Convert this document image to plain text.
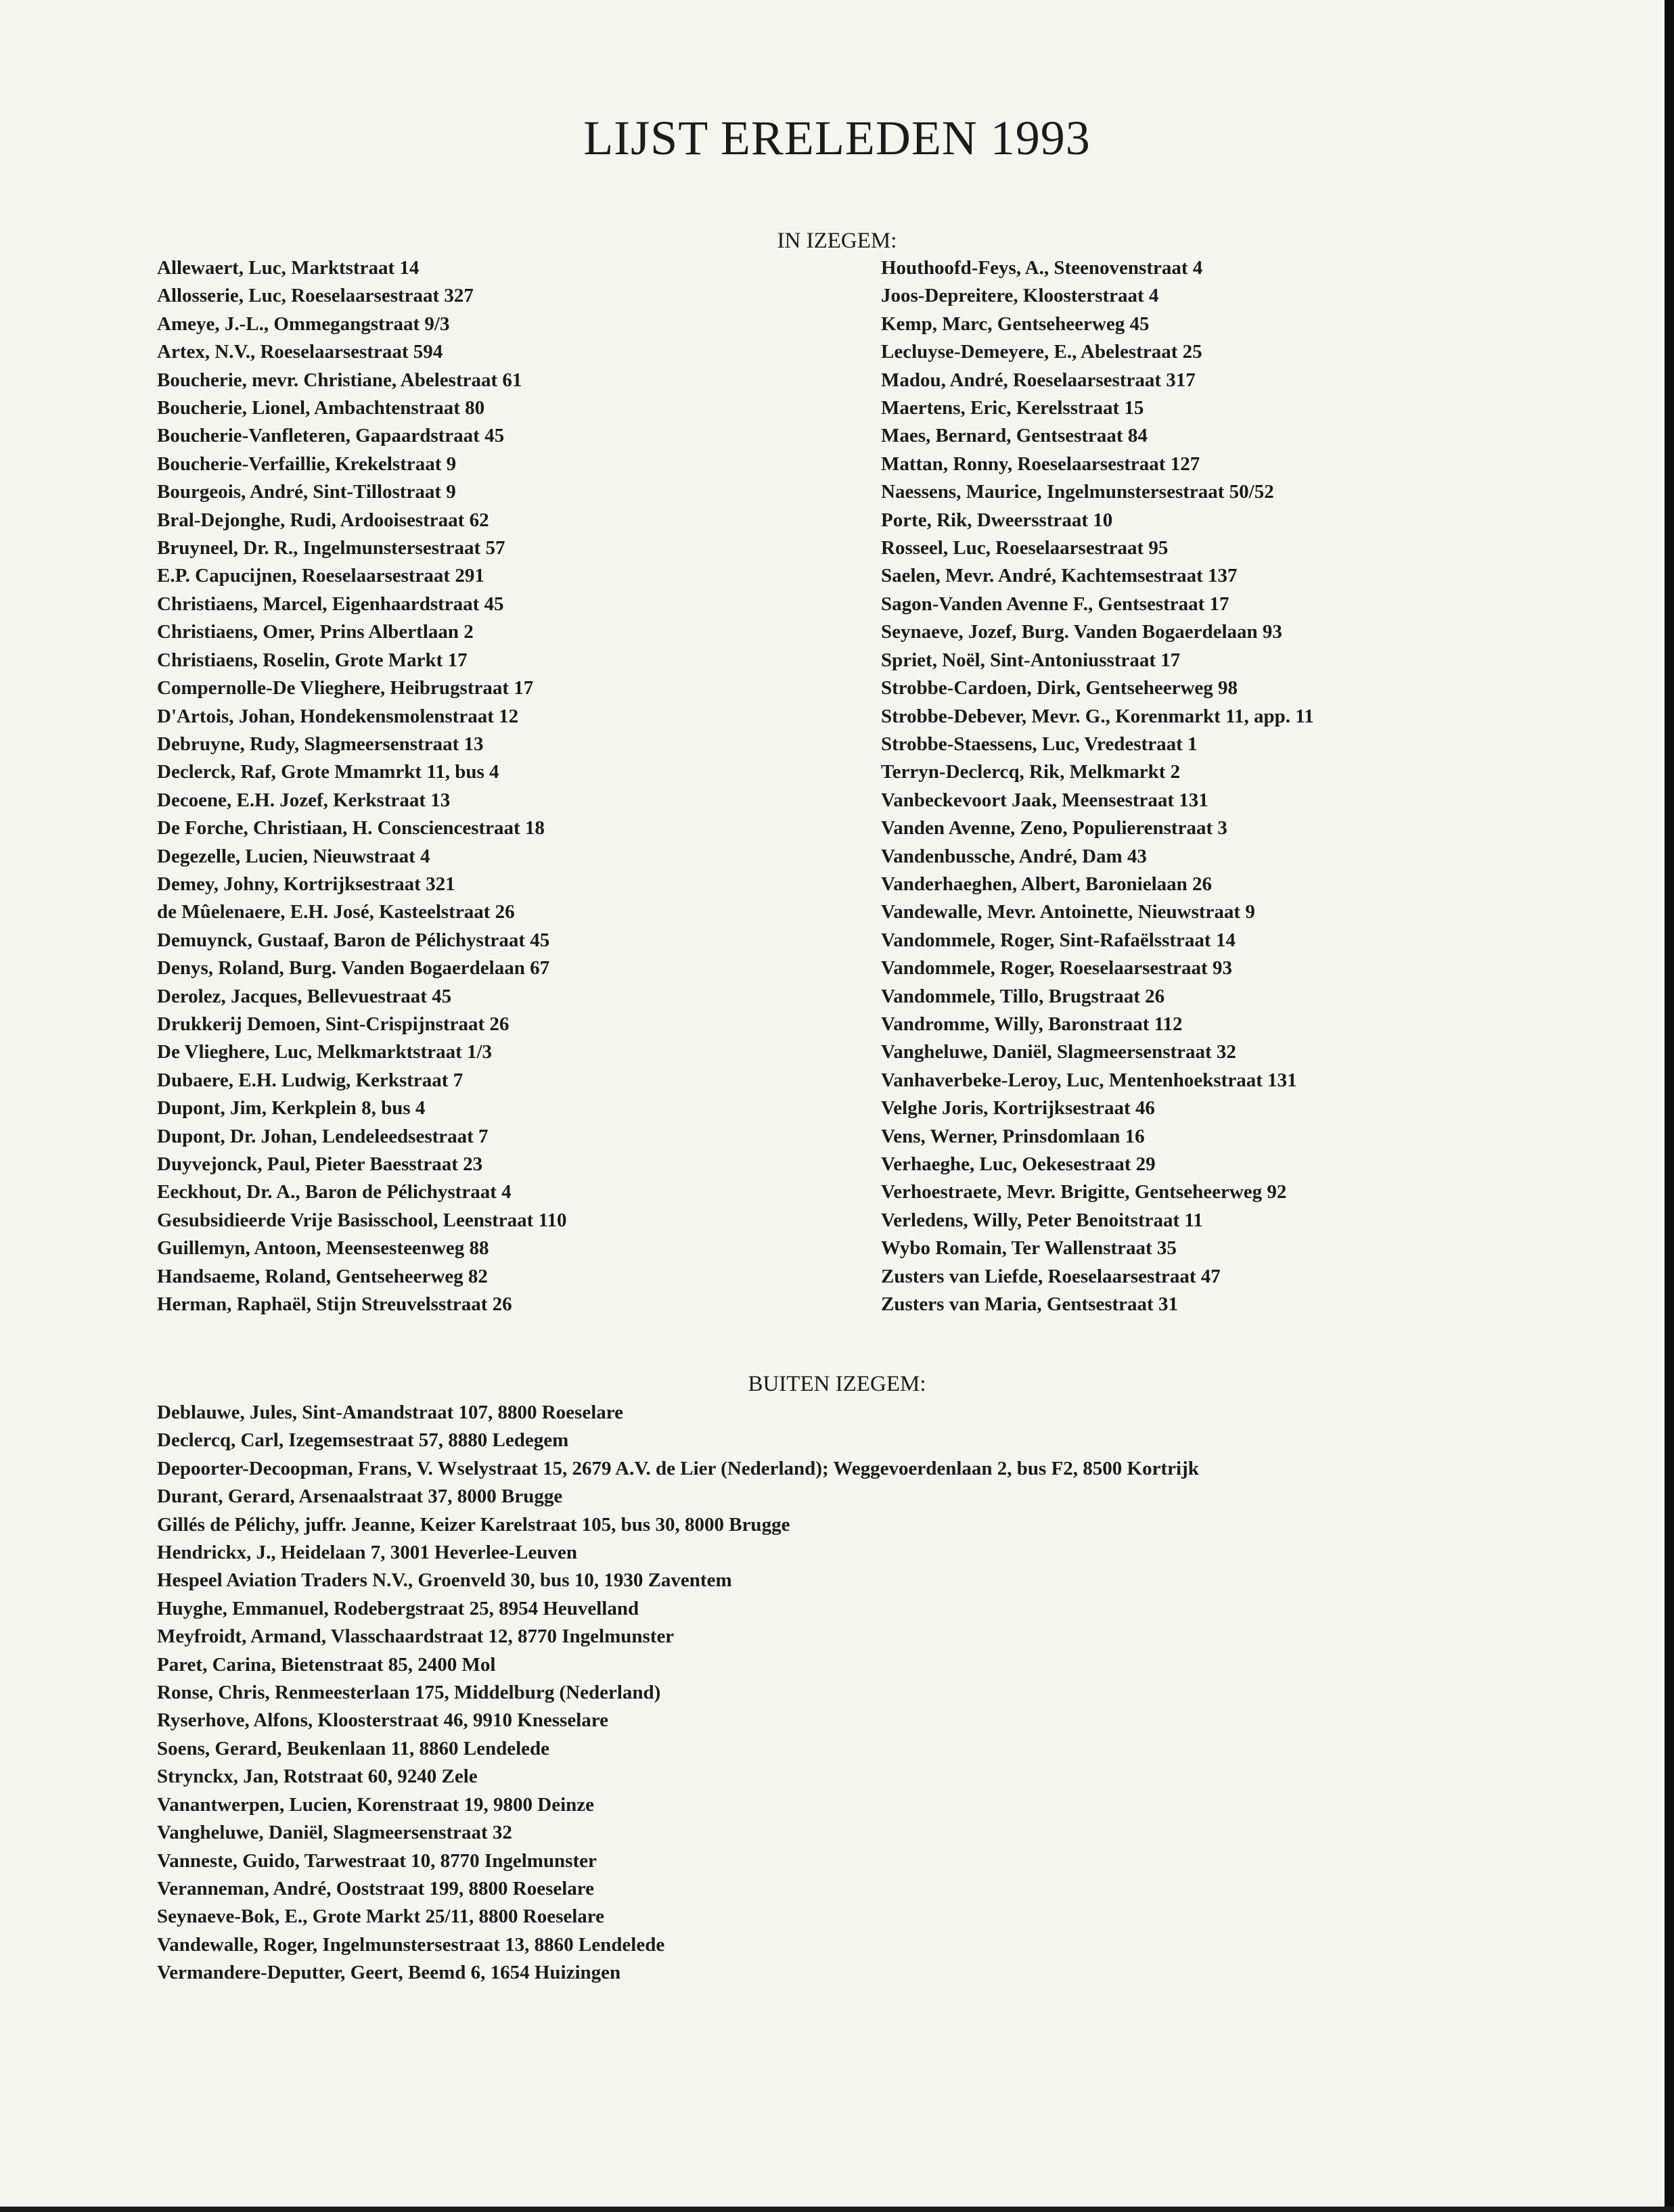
LIJST ERELEDEN 1993
IN IZEGEM:
Allewaert, Luc, Marktstraat 14
Allosserie, Luc, Roeselaarsestraat 327
Ameye, J.-L., Ommegangstraat 9/3
Artex, N.V., Roeselaarsestraat 594
Boucherie, mevr. Christiane, Abelestraat 61
Boucherie, Lionel, Ambachtenstraat 80
Boucherie-Vanfleteren, Gapaardstraat 45
Boucherie-Verfaillie, Krekelstraat 9
Bourgeois, André, Sint-Tillostraat 9
Bral-Dejonghe, Rudi, Ardooisestraat 62
Bruyneel, Dr. R., Ingelmunstersestraat 57
E.P. Capucijnen, Roeselaarsestraat 291
Christiaens, Marcel, Eigenhaardstraat 45
Christiaens, Omer, Prins Albertlaan 2
Christiaens, Roselin, Grote Markt 17
Compernolle-De Vlieghere, Heibrugstraat 17
D'Artois, Johan, Hondekensmolenstraat 12
Debruyne, Rudy, Slagmeersenstraat 13
Declerck, Raf, Grote Mmamrkt 11, bus 4
Decoene, E.H. Jozef, Kerkstraat 13
De Forche, Christiaan, H. Consciencestraat 18
Degezelle, Lucien, Nieuwstraat 4
Demey, Johny, Kortrijksestraat 321
de Mûelenaere, E.H. José, Kasteelstraat 26
Demuynck, Gustaaf, Baron de Pélichystraat 45
Denys, Roland, Burg. Vanden Bogaerdelaan 67
Derolez, Jacques, Bellevuestraat 45
Drukkerij Demoen, Sint-Crispijnstraat 26
De Vlieghere, Luc, Melkmarktstraat 1/3
Dubaere, E.H. Ludwig, Kerkstraat 7
Dupont, Jim, Kerkplein 8, bus 4
Dupont, Dr. Johan, Lendeleedsestraat 7
Duyvejonck, Paul, Pieter Baesstraat 23
Eeckhout, Dr. A., Baron de Pélichystraat 4
Gesubsidieerde Vrije Basisschool, Leenstraat 110
Guillemyn, Antoon, Meensesteenweg 88
Handsaeme, Roland, Gentseheerweg 82
Herman, Raphaël, Stijn Streuvelsstraat 26
Houthoofd-Feys, A., Steenovenstraat 4
Joos-Depreitere, Kloosterstraat 4
Kemp, Marc, Gentseheerweg 45
Lecluyse-Demeyere, E., Abelestraat 25
Madou, André, Roeselaarsestraat 317
Maertens, Eric, Kerelsstraat 15
Maes, Bernard, Gentsestraat 84
Mattan, Ronny, Roeselaarsestraat 127
Naessens, Maurice, Ingelmunstersestraat 50/52
Porte, Rik, Dweersstraat 10
Rosseel, Luc, Roeselaarsestraat 95
Saelen, Mevr. André, Kachtemsestraat 137
Sagon-Vanden Avenne F., Gentsestraat 17
Seynaeve, Jozef, Burg. Vanden Bogaerdelaan 93
Spriet, Noël, Sint-Antoniusstraat 17
Strobbe-Cardoen, Dirk, Gentseheerweg 98
Strobbe-Debever, Mevr. G., Korenmarkt 11, app. 11
Strobbe-Staessens, Luc, Vredestraat 1
Terryn-Declercq, Rik, Melkmarkt 2
Vanbeckevoort Jaak, Meensestraat 131
Vanden Avenne, Zeno, Populierenstraat 3
Vandenbussche, André, Dam 43
Vanderhaeghen, Albert, Baronielaan 26
Vandewalle, Mevr. Antoinette, Nieuwstraat 9
Vandommele, Roger, Sint-Rafaëlsstraat 14
Vandommele, Roger, Roeselaarsestraat 93
Vandommele, Tillo, Brugstraat 26
Vandromme, Willy, Baronstraat 112
Vangheluwe, Daniël, Slagmeersenstraat 32
Vanhaverbeke-Leroy, Luc, Mentenhoekstraat 131
Velghe Joris, Kortrijksestraat 46
Vens, Werner, Prinsdomlaan 16
Verhaeghe, Luc, Oekesestraat 29
Verhoestraete, Mevr. Brigitte, Gentseheerweg 92
Verledens, Willy, Peter Benoitstraat 11
Wybo Romain, Ter Wallenstraat 35
Zusters van Liefde, Roeselaarsestraat 47
Zusters van Maria, Gentsestraat 31
BUITEN IZEGEM:
Deblauwe, Jules, Sint-Amandstraat 107, 8800 Roeselare
Declercq, Carl, Izegemsestraat 57, 8880 Ledegem
Depoorter-Decoopman, Frans, V. Wselystraat 15, 2679 A.V. de Lier (Nederland); Weggevoerdenlaan 2, bus F2, 8500 Kortrijk
Durant, Gerard, Arsenaalstraat 37, 8000 Brugge
Gillés de Pélichy, juffr. Jeanne, Keizer Karelstraat 105, bus 30, 8000 Brugge
Hendrickx, J., Heidelaan 7, 3001 Heverlee-Leuven
Hespeel Aviation Traders N.V., Groenveld 30, bus 10, 1930 Zaventem
Huyghe, Emmanuel, Rodebergstraat 25, 8954 Heuvelland
Meyfroidt, Armand, Vlasschaardstraat 12, 8770 Ingelmunster
Paret, Carina, Bietenstraat 85, 2400 Mol
Ronse, Chris, Renmeesterlaan 175, Middelburg (Nederland)
Ryserhove, Alfons, Kloosterstraat 46, 9910 Knesselare
Soens, Gerard, Beukenlaan 11, 8860 Lendelede
Strynckx, Jan, Rotstraat 60, 9240 Zele
Vanantwerpen, Lucien, Korenstraat 19, 9800 Deinze
Vangheluwe, Daniël, Slagmeersenstraat 32
Vanneste, Guido, Tarwestraat 10, 8770 Ingelmunster
Veranneman, André, Ooststraat 199, 8800 Roeselare
Seynaeve-Bok, E., Grote Markt 25/11, 8800 Roeselare
Vandewalle, Roger, Ingelmunstersestraat 13, 8860 Lendelede
Vermandere-Deputter, Geert, Beemd 6, 1654 Huizingen
